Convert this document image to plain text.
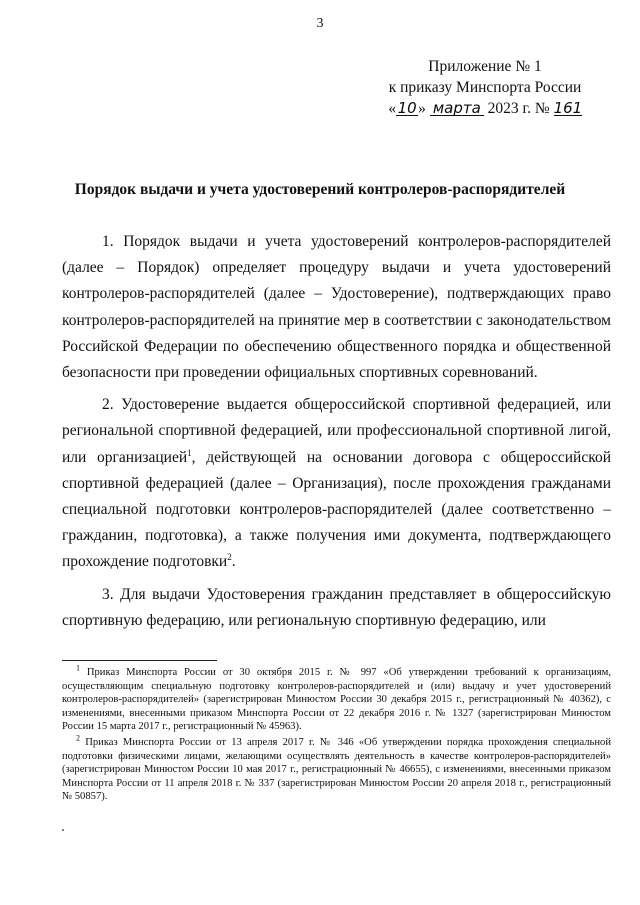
3
Приложение № 1
к приказу Минспорта России
«10» марта 2023 г. № 161
Порядок выдачи и учета удостоверений контролеров-распорядителей

1. Порядок выдачи и учета удостоверений контролеров-распорядителей (далее – Порядок) определяет процедуру выдачи и учета удостоверений контролеров-распорядителей (далее – Удостоверение), подтверждающих право контролеров-распорядителей на принятие мер в соответствии с законодательством Российской Федерации по обеспечению общественного порядка и общественной безопасности при проведении официальных спортивных соревнований.

2. Удостоверение выдается общероссийской спортивной федерацией, или региональной спортивной федерацией, или профессиональной спортивной лигой, или организацией$^1$, действующей на основании договора с общероссийской спортивной федерацией (далее – Организация), после прохождения гражданами специальной подготовки контролеров-распорядителей (далее соответственно – гражданин, подготовка), а также получения ими документа, подтверждающего прохождение подготовки$^2$.

3. Для выдачи Удостоверения гражданин представляет в общероссийскую спортивную федерацию, или региональную спортивную федерацию, или

$^1$ Приказ Минспорта России от 30 октября 2015 г. № 997 «Об утверждении требований к организациям, осуществляющим специальную подготовку контролеров-распорядителей и (или) выдачу и учет удостоверений контролеров-распорядителей» (зарегистрирован Минюстом России 30 декабря 2015 г., регистрационный № 40362), с изменениями, внесенными приказом Минспорта России от 22 декабря 2016 г. № 1327 (зарегистрирован Минюстом России 15 марта 2017 г., регистрационный № 45963).

$^2$ Приказ Минспорта России от 13 апреля 2017 г. № 346 «Об утверждении порядка прохождения специальной подготовки физическими лицами, желающими осуществлять деятельность в качестве контролеров-распорядителей» (зарегистрирован Минюстом России 10 мая 2017 г., регистрационный № 46655), с изменениями, внесенными приказом Минспорта России от 11 апреля 2018 г. № 337 (зарегистрирован Минюстом России 20 апреля 2018 г., регистрационный № 50857).
